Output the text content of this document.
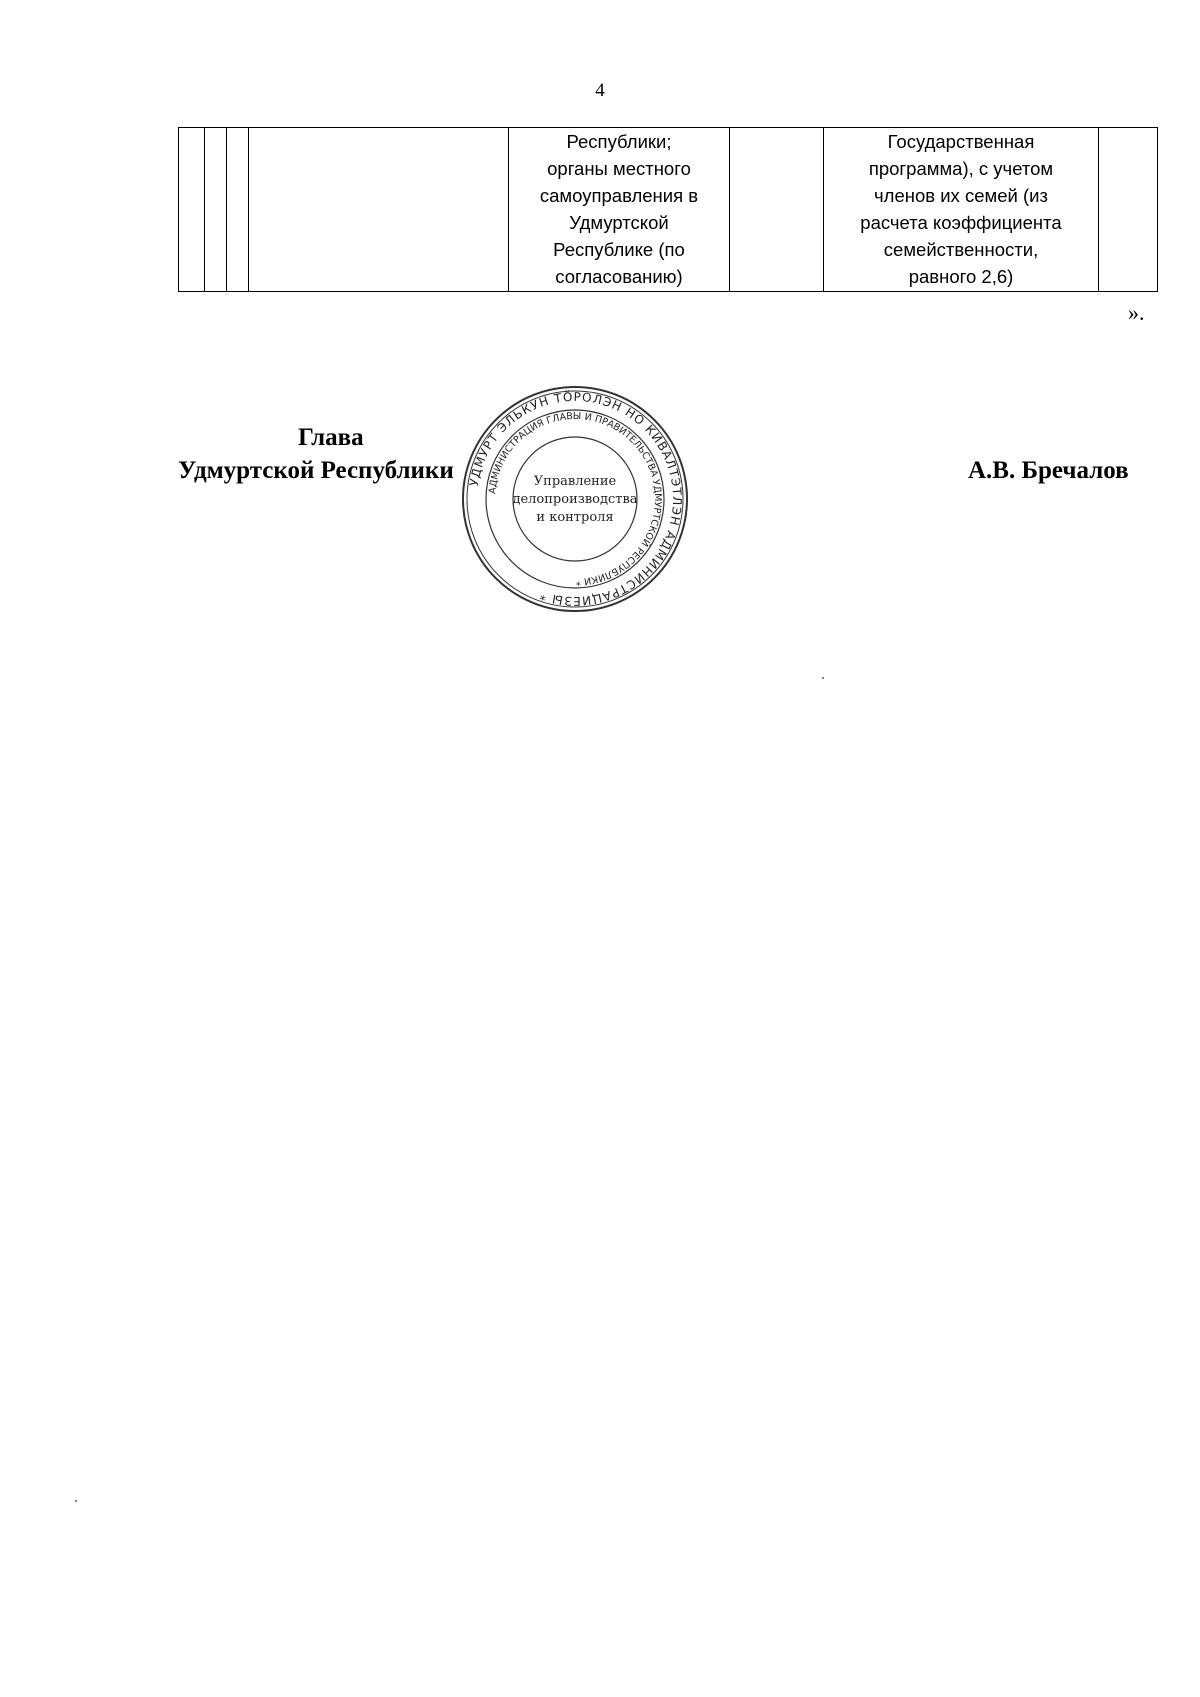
4
				Республики;
органы местного
самоуправления в
Удмуртской
Республике (по
согласованию)		Государственная
программа), с учетом
членов их семей (из
расчета коэффициента
семейственности,
равного 2,6)	
».
Глава
Удмуртской Республики	А.В. Бречалов
УДМУРТ ЭЛЬКУН ТÖРОЛЭН НО КИВАЛТЭТЛЭН АДМИНИСТРАЦИЕЗЫ *
АДМИНИСТРАЦИЯ ГЛАВЫ И ПРАВИТЕЛЬСТВА УДМУРТСКОЙ РЕСПУБЛИКИ *
Управление
делопроизводства
и контроля
